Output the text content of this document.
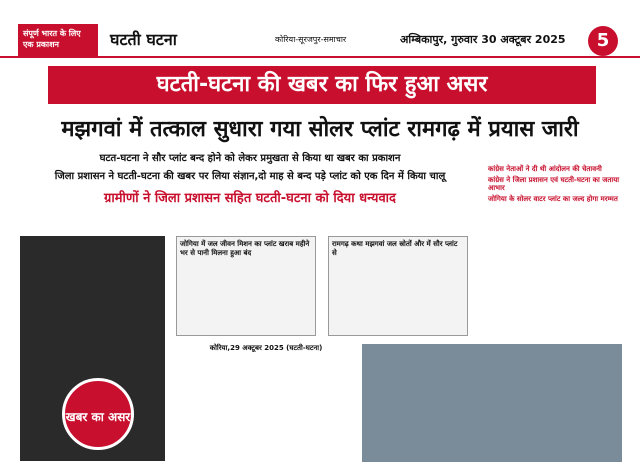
संपूर्ण भारत के लिए एक प्रकाशन	घटती घटना	कोरिया-सूरजपुर-समाचार	अम्बिकापुर, गुरुवार 30 अक्टूबर 2025	5
घटती-घटना की खबर का फिर हुआ असर
मझगवां में तत्काल सुधारा गया सोलर प्लांट रामगढ़ में प्रयास जारी
घटत-घटना ने सौर प्लांट बन्द होने को लेकर प्रमुखता से किया था खबर का प्रकाशन
जिला प्रशासन ने घटती-घटना की खबर पर लिया संज्ञान,दो माह से बन्द पड़े प्लांट को एक दिन में किया चालू
ग्रामीणों ने जिला प्रशासन सहित घटती-घटना को दिया धन्यवाद
खबर का असर
जोगिया में जल जीवन मिशन का प्लांट खराब महीने भर से पानी मिलना हुआ बंद
रामगढ़ कथा मझगवां जल स्रोतों और में सौर प्लांट से
कांग्रेस नेताओं ने दी थी आंदोलन की चेतावनी
कांग्रेस ने जिला प्रशासन एवं घटती-घटना का जताया आभार
जोगिया के सोलर वाटर प्लांट का जल्द होगा मरम्मत
कोरिया,29 अक्टूबर 2025 (घटती-घटना)
